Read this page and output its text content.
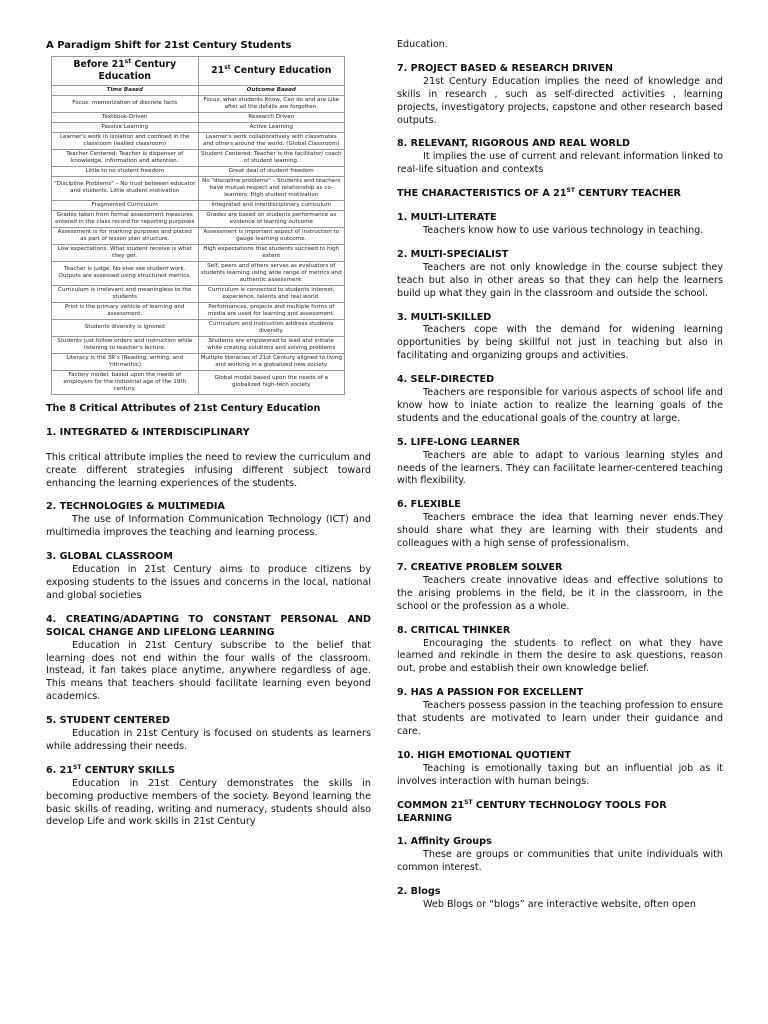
A Paradigm Shift for 21st Century Students
Before 21st Century Education	21st Century Education
Time Based	Outcome Based
Focus: memorization of discrete facts	Focus: what students Know, Can do and are Like after all the details are forgotten.
Textbook-Driven	Research Driven
Passive Learning	Active Learning
Learner's work in isolation and confined in the classroom (walled classroom)	Learner's work collaboratively with classmates and others around the world. (Global Classroom)
Teacher Centered: Teacher is dispenser of knowledge, information and attention.	Student Centered: Teacher is the facilitator/ coach of student learning.
Little to no student freedom	Great deal of student freedom
"Discipline Problems" – No trust between educator and students. Little student motivation	No "discipline problems" – Students and teachers have mutual respect and relationship as co-learners. High student motivation
Fragmented Curriculum	Integrated and interdisciplinary curriculum
Grades taken from formal assessment measures entered in the class record for reporting purposes	Grades are based on students performance as evidence of learning outcome
Assessment is for marking purposes and placed as part of lesson plan structure.	Assessment is important aspect of instruction to gauge learning outcome.
Low expectations. What student receive is what they get.	High expectations that students succeed to high extent
Teacher is judge. No else see student work. Outputs are assessed using structured metrics.	Self, peers and others serves as evaluators of students learning using wide range of metrics and authentic assessment.
Curriculum is irrelevant and meaningless to the students	Curriculum is connected to students interest, experience, talents and real world.
Print is the primary vehicle of learning and assessment.	Performances, projects and multiple forms of media are used for learning and assessment.
Students diversity is ignored	Curriculum and instruction address students diversity.
Students just follow orders and instruction while listening to teacher's lecture.	Students are empowered to lead and initiate while creating solutions and solving problems
Literacy is the 3R's (Reading, writing, and 'rithmethic)	Multiple literacies of 21st Century aligned to living and working in a globalized new society
Factory model, based upon the needs of employers for the industrial age of the 19th century.	Global model based upon the needs of a globalized high-tech society
The 8 Critical Attributes of 21st Century Education
1. INTEGRATED & INTERDISCIPLINARY
This critical attribute implies the need to review the curriculum and create different strategies infusing different subject toward enhancing the learning experiences of the students.
2. TECHNOLOGIES & MULTIMEDIA
The use of Information Communication Technology (ICT) and multimedia improves the teaching and learning process.
3. GLOBAL CLASSROOM
Education in 21st Century aims to produce citizens by exposing students to the issues and concerns in the local, national and global societies
4. CREATING/ADAPTING TO CONSTANT PERSONAL AND SOICAL CHANGE AND LIFELONG LEARNING
Education in 21st Century subscribe to the belief that learning does not end within the four walls of the classroom. Instead, it fan takes place anytime, anywhere regardless of age. This means that teachers should facilitate learning even beyond academics.
5. STUDENT CENTERED
Education in 21st Century is focused on students as learners while addressing their needs.
6. 21ST CENTURY SKILLS
Education in 21st Century demonstrates the skills in becoming productive members of the society. Beyond learning the basic skills of reading, writing and numeracy, students should also develop Life and work skills in 21st Century
Education.
7. PROJECT BASED & RESEARCH DRIVEN
21st Century Education implies the need of knowledge and skills in research , such as self-directed activities , learning projects, investigatory projects, capstone and other research based outputs.
8. RELEVANT, RIGOROUS AND REAL WORLD
It implies the use of current and relevant information linked to real-life situation and contexts
THE CHARACTERISTICS OF A 21ST CENTURY TEACHER
1. MULTI-LITERATE
Teachers know how to use various technology in teaching.
2. MULTI-SPECIALIST
Teachers are not only knowledge in the course subject they teach but also in other areas so that they can help the learners build up what they gain in the classroom and outside the school.
3. MULTI-SKILLED
Teachers cope with the demand for widening learning opportunities by being skillful not just in teaching but also in facilitating and organizing groups and activities.
4. SELF-DIRECTED
Teachers are responsible for various aspects of school life and know how to iniate action to realize the learning goals of the students and the educational goals of the country at large.
5. LIFE-LONG LEARNER
Teachers are able to adapt to various learning styles and needs of the learners. They can facilitate learner-centered teaching with flexibility.
6. FLEXIBLE
Teachers embrace the idea that learning never ends.They should share what they are learning with their students and colleagues with a high sense of professionalism.
7. CREATIVE PROBLEM SOLVER
Teachers create innovative ideas and effective solutions to the arising problems in the field, be it in the classroom, in the school or the profession as a whole.
8. CRITICAL THINKER
Encouraging the students to reflect on what they have learned and rekindle in them the desire to ask questions, reason out, probe and establish their own knowledge belief.
9. HAS A PASSION FOR EXCELLENT
Teachers possess passion in the teaching profession to ensure that students are motivated to learn under their guidance and care.
10. HIGH EMOTIONAL QUOTIENT
Teaching is emotionally taxing but an influential job as it involves interaction with human beings.
COMMON 21ST CENTURY TECHNOLOGY TOOLS FOR LEARNING
1. Affinity Groups
These are groups or communities that unite individuals with common interest.
2. Blogs
Web Blogs or “blogs” are interactive website, often open
